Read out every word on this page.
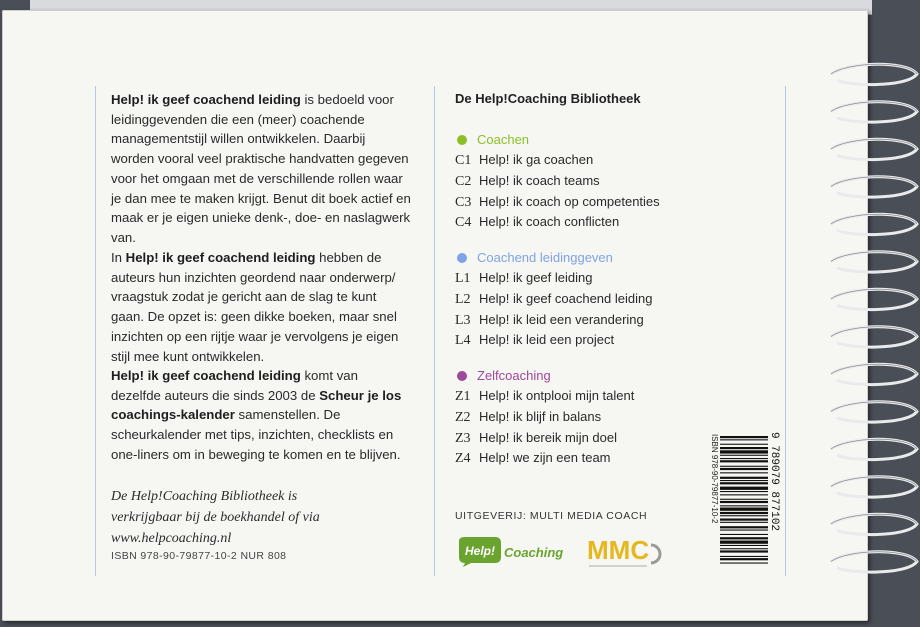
Help! ik geef coachend leiding is bedoeld voor leidinggevenden die een (meer) coachende managementstijl willen ontwikkelen. Daarbij worden vooral veel praktische handvatten gegeven voor het omgaan met de verschillende rollen waar je dan mee te maken krijgt. Benut dit boek actief en maak er je eigen unieke denk-, doe- en naslagwerk van.

In Help! ik geef coachend leiding hebben de auteurs hun inzichten geordend naar onderwerp/ vraagstuk zodat je gericht aan de slag te kunt gaan. De opzet is: geen dikke boeken, maar snel inzichten op een rijtje waar je vervolgens je eigen stijl mee kunt ontwikkelen.

Help! ik geef coachend leiding komt van dezelfde auteurs die sinds 2003 de Scheur je los coachings-kalender samenstellen. De scheurkalender met tips, inzichten, checklists en one-liners om in beweging te komen en te blijven.

De Help!Coaching Bibliotheek is verkrijgbaar bij de boekhandel of via www.helpcoaching.nl

ISBN 978-90-79877-10-2 NUR 808
De Help!Coaching Bibliotheek
Coachen
C1 Help! ik ga coachen
C2 Help! ik coach teams
C3 Help! ik coach op competenties
C4 Help! ik coach conflicten
Coachend leidinggeven
L1 Help! ik geef leiding
L2 Help! ik geef coachend leiding
L3 Help! ik leid een verandering
L4 Help! ik leid een project
Zelfcoaching
Z1 Help! ik ontplooi mijn talent
Z2 Help! ik blijf in balans
Z3 Help! ik bereik mijn doel
Z4 Help! we zijn een team
UITGEVERIJ: MULTI MEDIA COACH
Help! Coaching MMC
ISBN 978-90-79877-10-2	9 789079 877102
